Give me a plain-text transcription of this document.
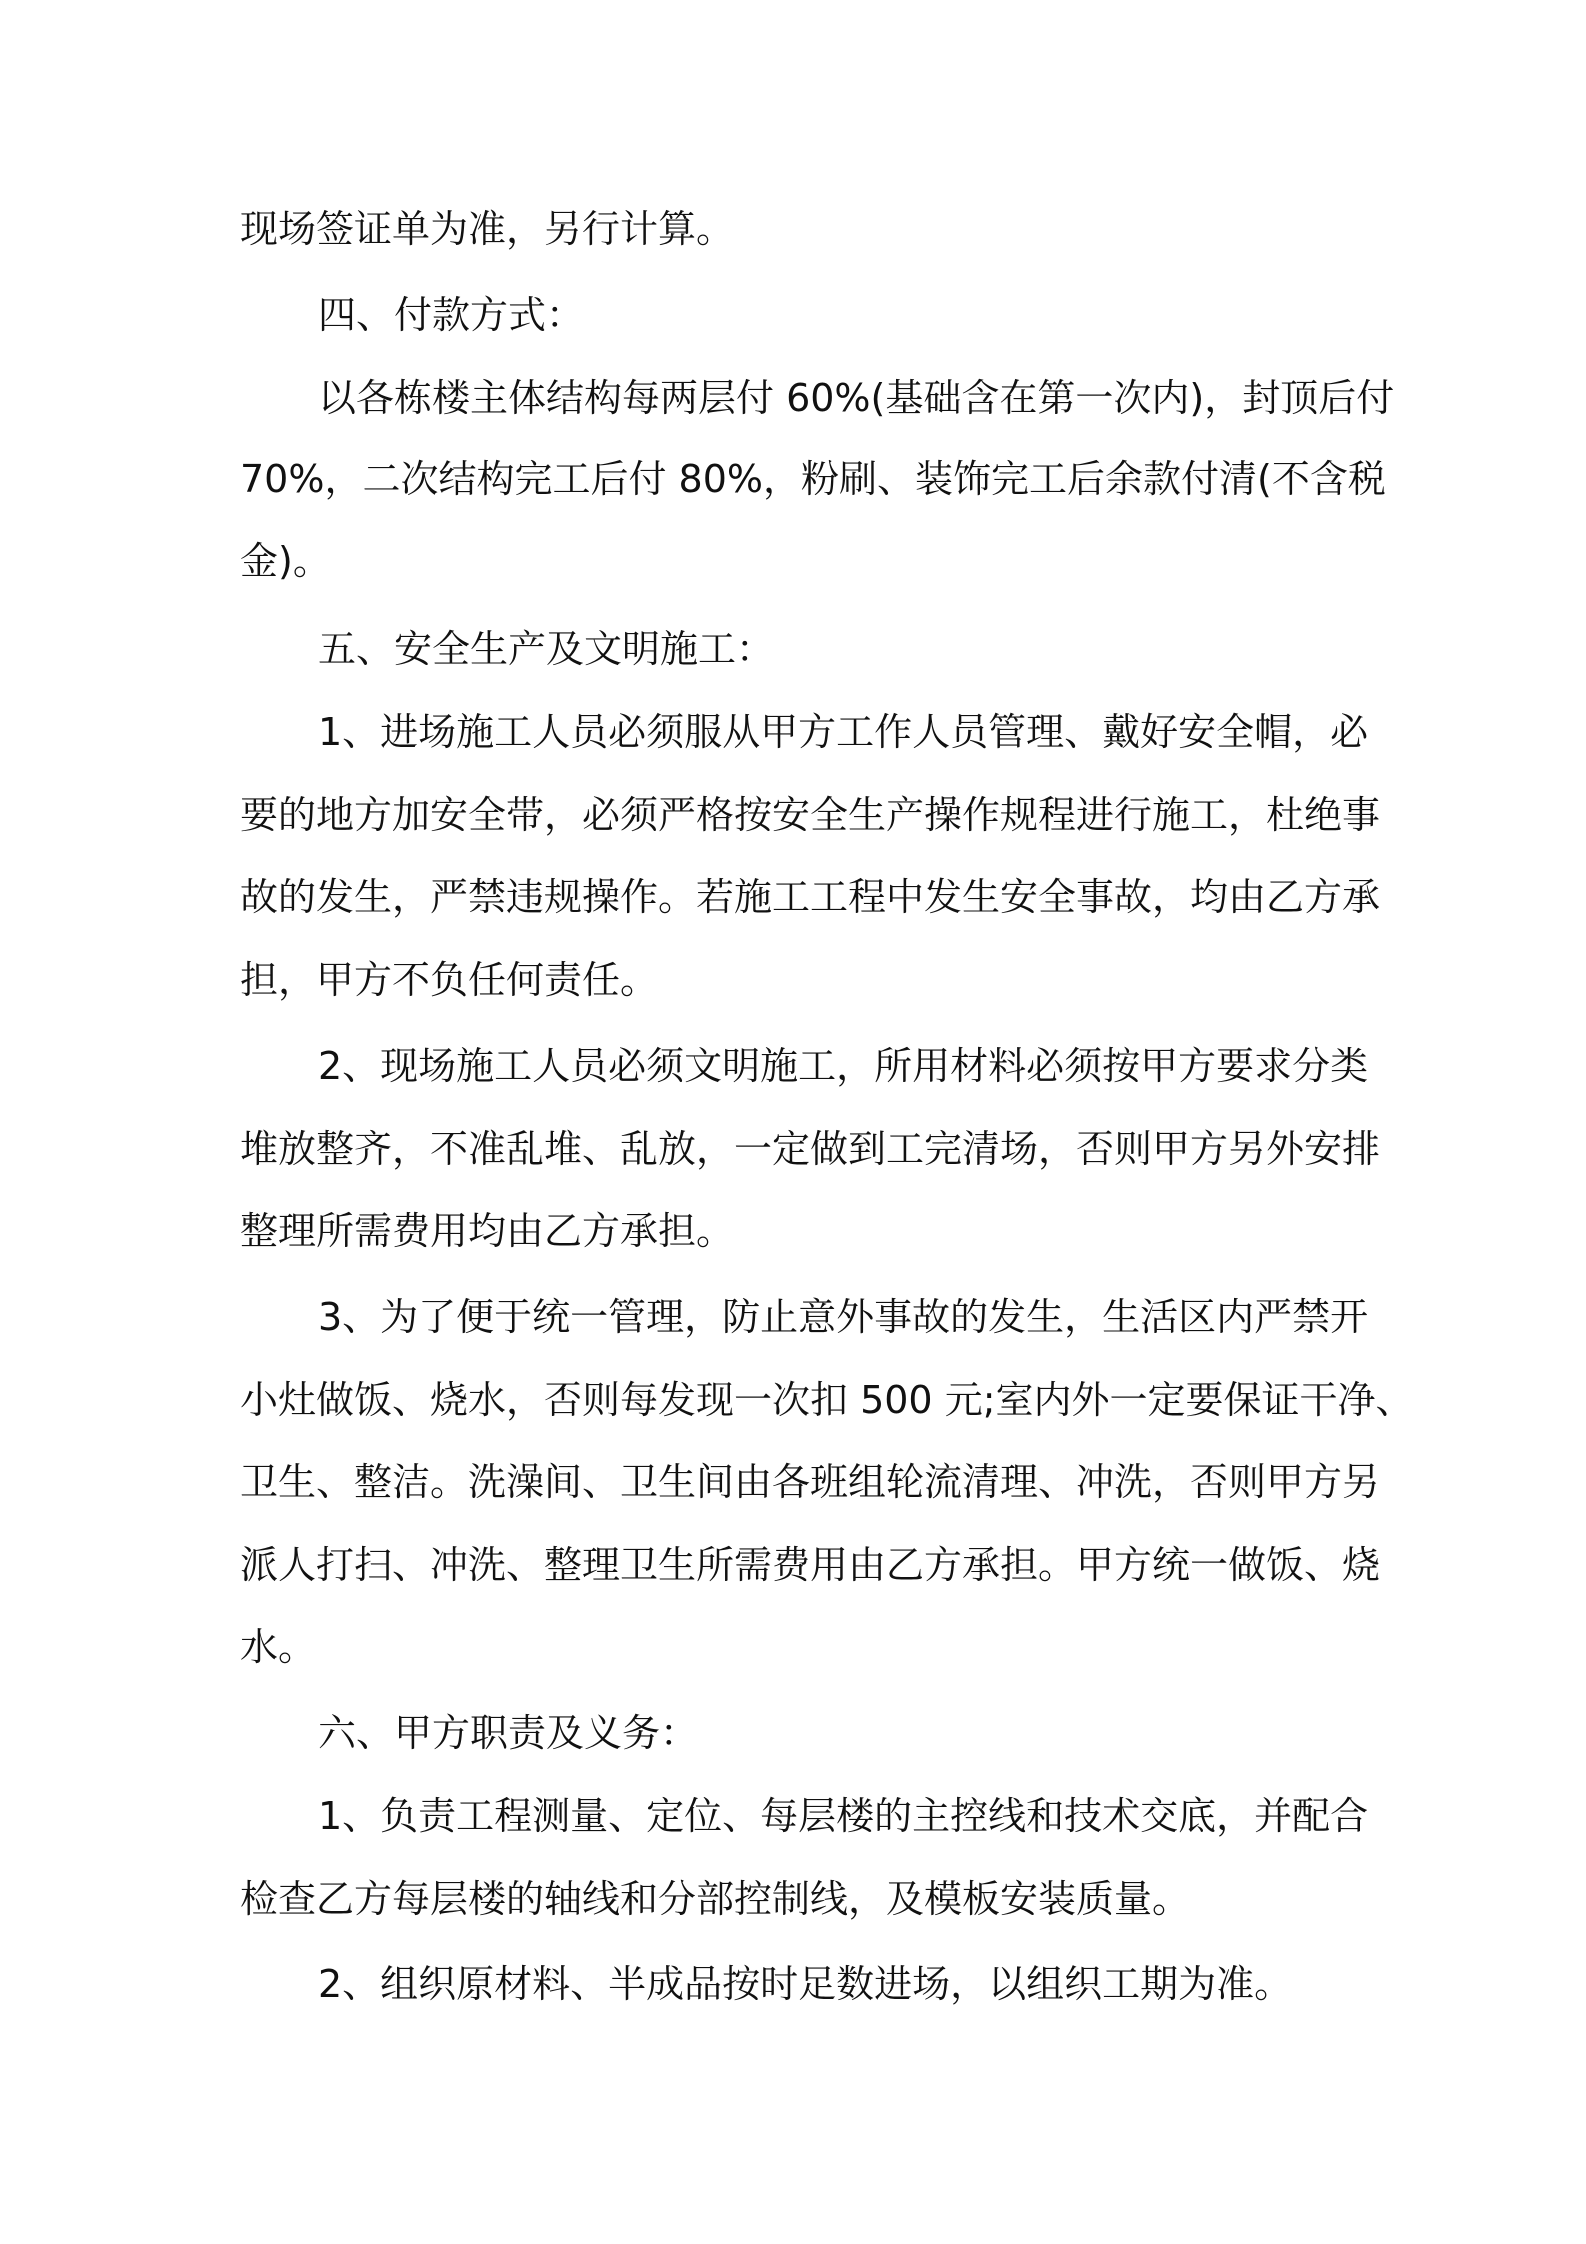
现场签证单为准，另行计算。

四、付款方式：

以各栋楼主体结构每两层付 60%(基础含在第一次内)，封顶后付

70%，二次结构完工后付 80%，粉刷、装饰完工后余款付清(不含税

金)。

五、安全生产及文明施工：

1、进场施工人员必须服从甲方工作人员管理、戴好安全帽，必

要的地方加安全带，必须严格按安全生产操作规程进行施工，杜绝事

故的发生，严禁违规操作。若施工工程中发生安全事故，均由乙方承

担，甲方不负任何责任。

2、现场施工人员必须文明施工，所用材料必须按甲方要求分类

堆放整齐，不准乱堆、乱放，一定做到工完清场，否则甲方另外安排

整理所需费用均由乙方承担。

3、为了便于统一管理，防止意外事故的发生，生活区内严禁开

小灶做饭、烧水，否则每发现一次扣 500 元;室内外一定要保证干净、

卫生、整洁。洗澡间、卫生间由各班组轮流清理、冲洗，否则甲方另

派人打扫、冲洗、整理卫生所需费用由乙方承担。甲方统一做饭、烧

水。

六、甲方职责及义务：

1、负责工程测量、定位、每层楼的主控线和技术交底，并配合

检查乙方每层楼的轴线和分部控制线，及模板安装质量。

2、组织原材料、半成品按时足数进场，以组织工期为准。
